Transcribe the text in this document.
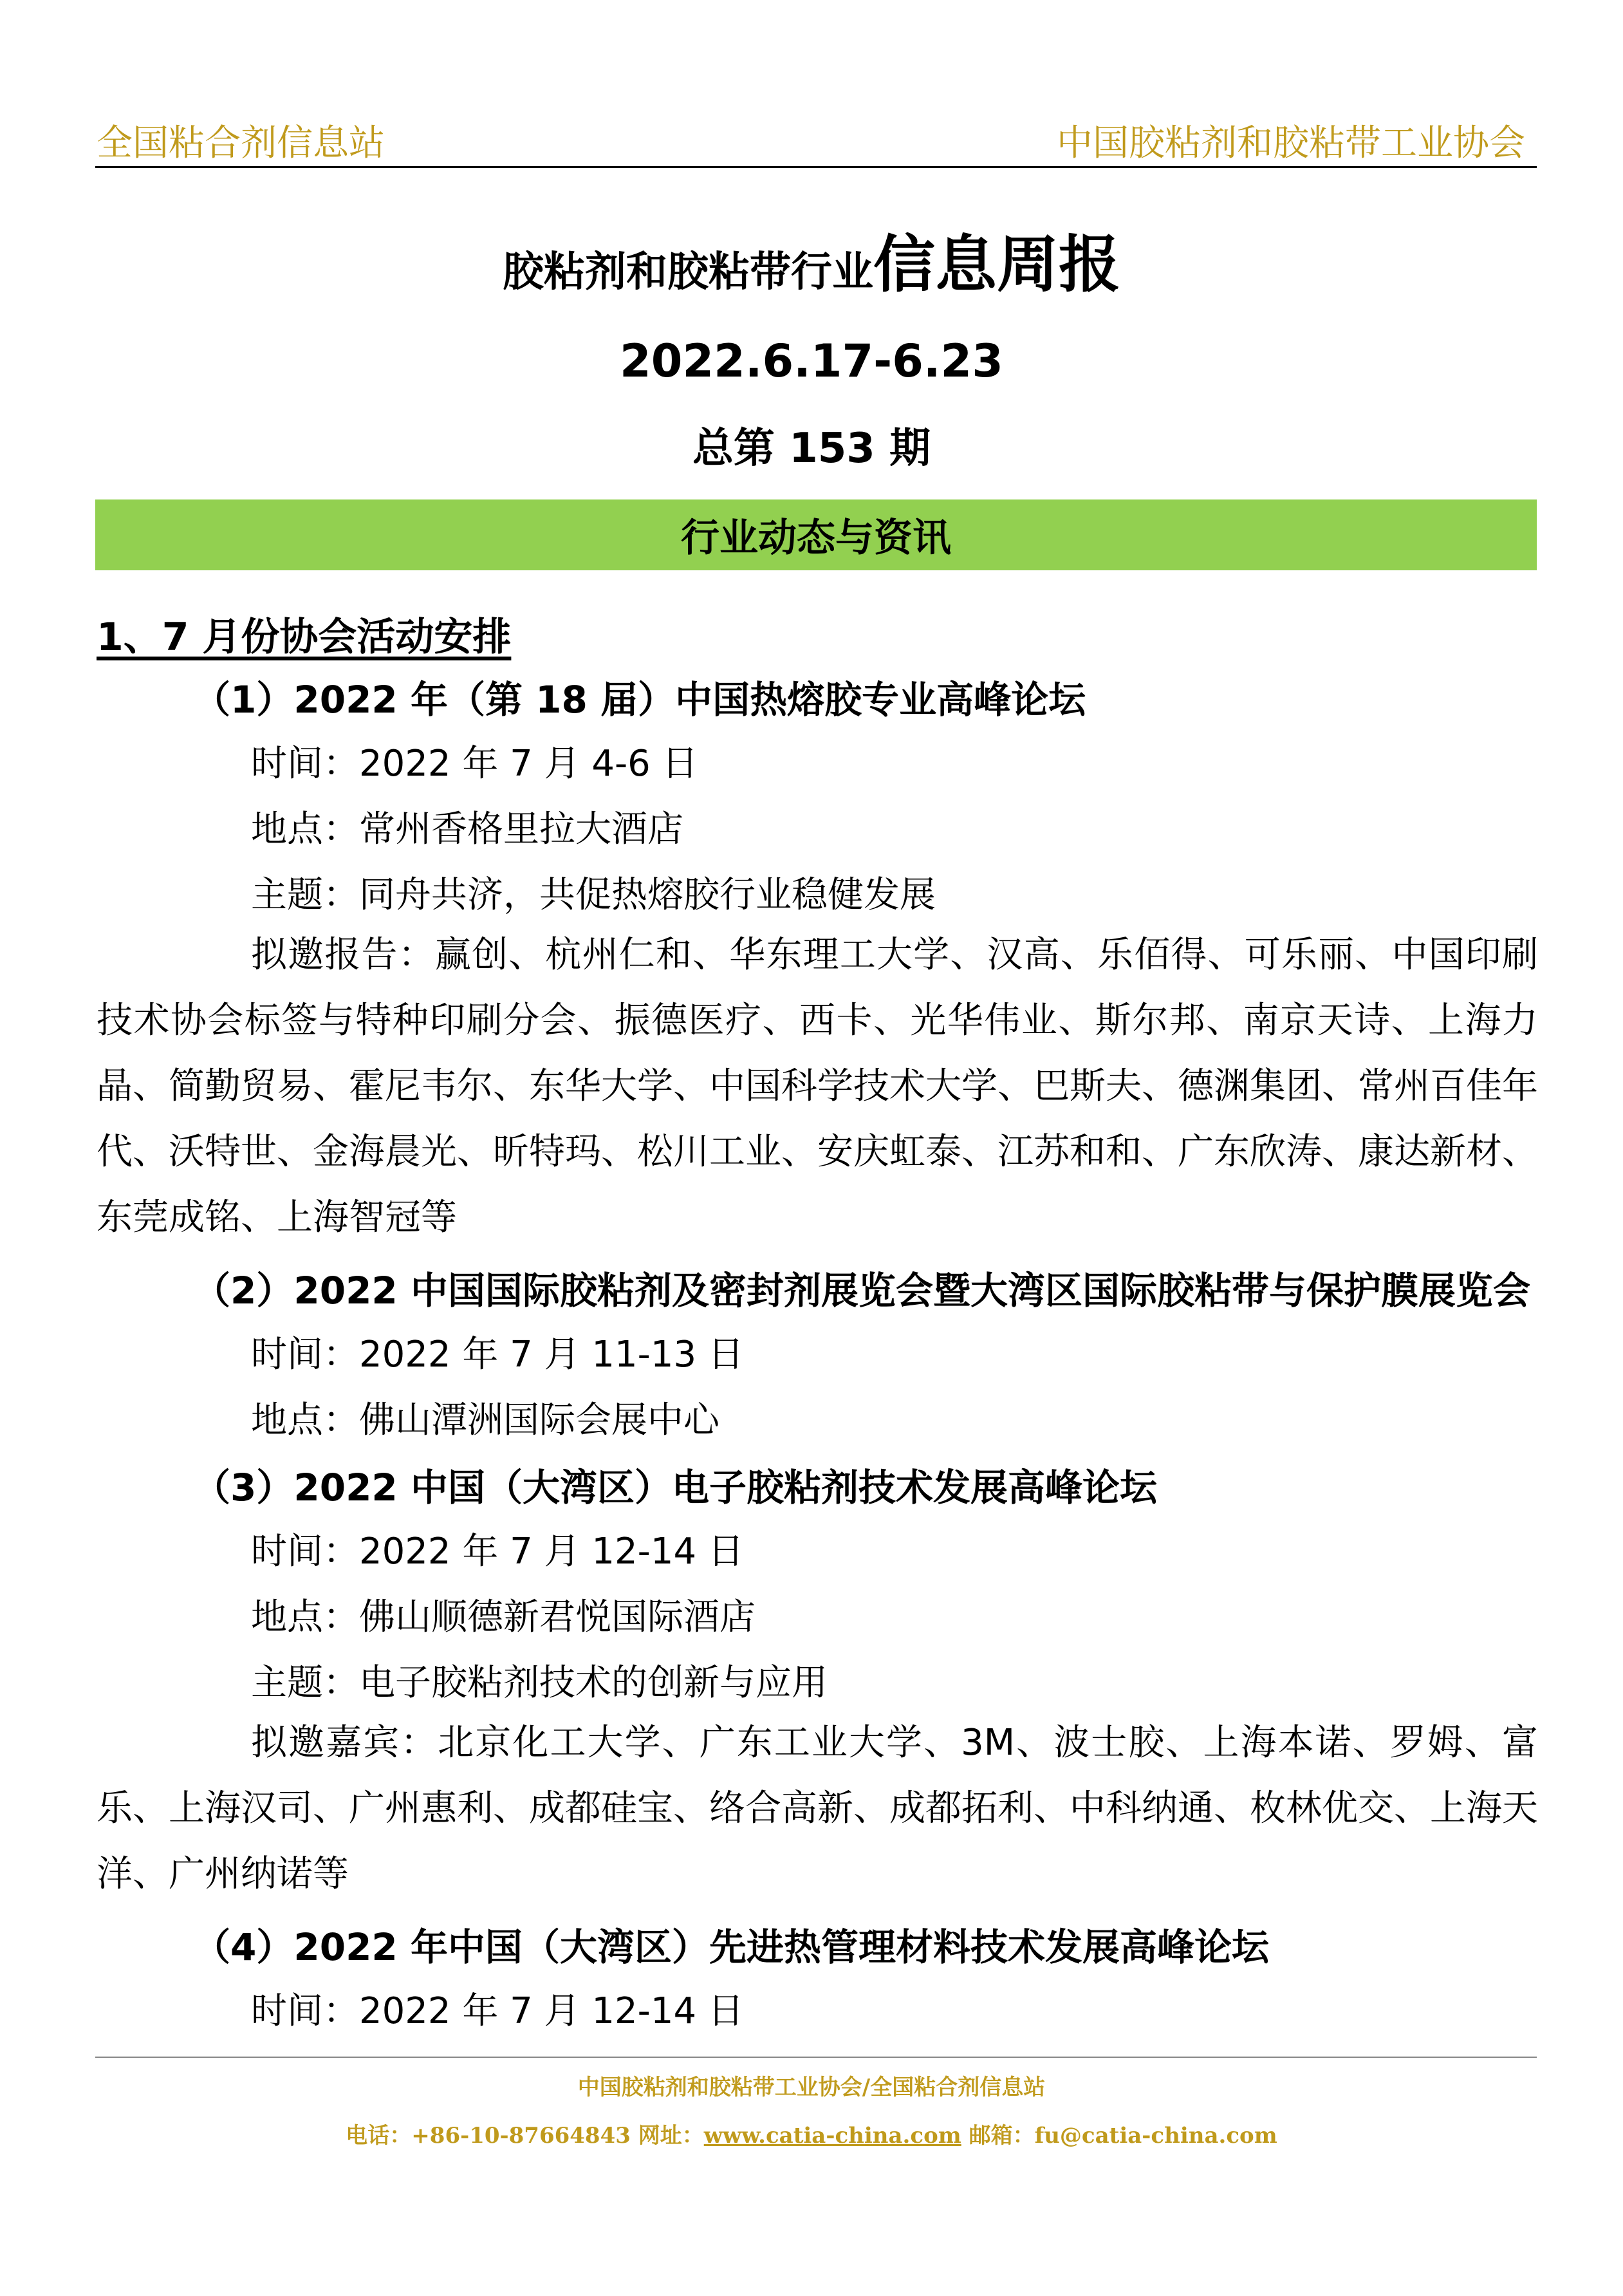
全国粘合剂信息站	中国胶粘剂和胶粘带工业协会
胶粘剂和胶粘带行业信息周报
2022.6.17-6.23
总第 153 期
行业动态与资讯
1、7 月份协会活动安排
（1）2022 年（第 18 届）中国热熔胶专业高峰论坛
时间：2022 年 7 月 4-6 日
地点：常州香格里拉大酒店
主题：同舟共济，共促热熔胶行业稳健发展
拟邀报告：赢创、杭州仁和、华东理工大学、汉高、乐佰得、可乐丽、中国印刷技术协会标签与特种印刷分会、振德医疗、西卡、光华伟业、斯尔邦、南京天诗、上海力晶、简勤贸易、霍尼韦尔、东华大学、中国科学技术大学、巴斯夫、德渊集团、常州百佳年代、沃特世、金海晨光、昕特玛、松川工业、安庆虹泰、江苏和和、广东欣涛、康达新材、东莞成铭、上海智冠等
（2）2022 中国国际胶粘剂及密封剂展览会暨大湾区国际胶粘带与保护膜展览会
时间：2022 年 7 月 11-13 日
地点：佛山潭洲国际会展中心
（3）2022 中国（大湾区）电子胶粘剂技术发展高峰论坛
时间：2022 年 7 月 12-14 日
地点：佛山顺德新君悦国际酒店
主题：电子胶粘剂技术的创新与应用
拟邀嘉宾：北京化工大学、广东工业大学、3M、波士胶、上海本诺、罗姆、富乐、上海汉司、广州惠利、成都硅宝、络合高新、成都拓利、中科纳通、枚林优交、上海天洋、广州纳诺等
（4）2022 年中国（大湾区）先进热管理材料技术发展高峰论坛
时间：2022 年 7 月 12-14 日
中国胶粘剂和胶粘带工业协会/全国粘合剂信息站
电话：+86-10-87664843 网址：www.catia-china.com 邮箱：fu@catia-china.com
